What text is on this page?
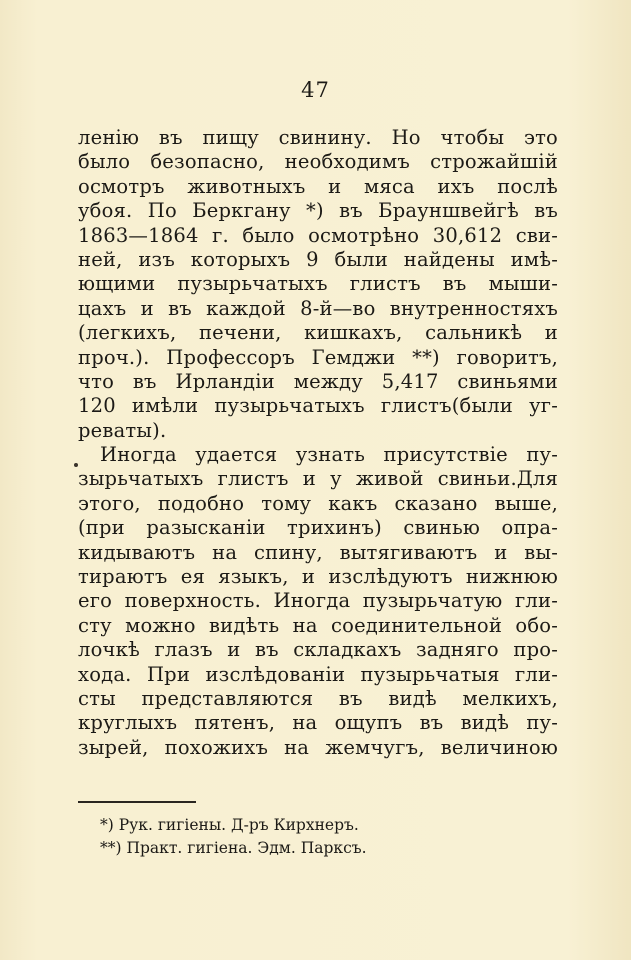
47
ленію въ пищу свинину. Но чтобы это
было безопасно, необходимъ строжайшій
осмотръ животныхъ и мяса ихъ послѣ
убоя. По Беркгану *) въ Брауншвейгѣ въ
1863—1864 г. было осмотрѣно 30,612 сви-
ней, изъ которыхъ 9 были найдены имѣ-
ющими пузырьчатыхъ глистъ въ мыши-
цахъ и въ каждой 8-й—во внутренностяхъ
(легкихъ, печени, кишкахъ, сальникѣ и
проч.). Профессоръ Гемджи **) говоритъ,
что въ Ирландіи между 5,417 свиньями
120 имѣли пузырьчатыхъ глистъ(были уг-
реваты).
Иногда удается узнать присутствіе пу-
зырьчатыхъ глистъ и у живой свиньи.Для
этого, подобно тому какъ сказано выше,
(при разысканіи трихинъ) свинью опра-
кидываютъ на спину, вытягиваютъ и вы-
тираютъ ея языкъ, и изслѣдуютъ нижнюю
его поверхность. Иногда пузырьчатую гли-
сту можно видѣть на соединительной обо-
лочкѣ глазъ и въ складкахъ задняго про-
хода. При изслѣдованіи пузырьчатыя гли-
сты представляются въ видѣ мелкихъ,
круглыхъ пятенъ, на ощупъ въ видѣ пу-
зырей, похожихъ на жемчугъ, величиною
*) Рук. гигіены. Д-ръ Кирхнеръ.
**) Практ. гигіена. Эдм. Парксъ.
